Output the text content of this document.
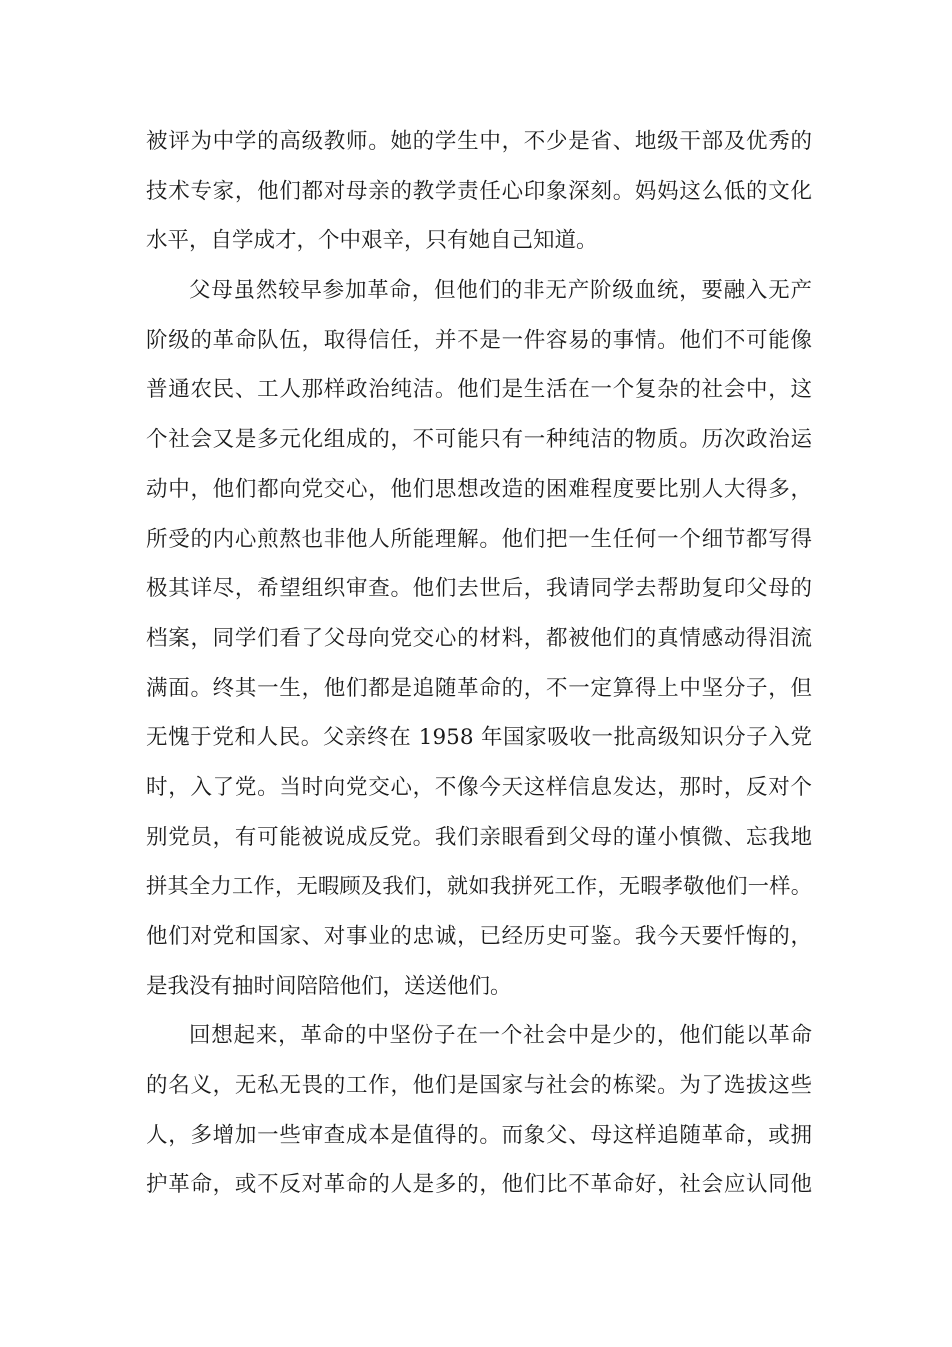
被评为中学的高级教师。她的学生中，不少是省、地级干部及优秀的
技术专家，他们都对母亲的教学责任心印象深刻。妈妈这么低的文化
水平，自学成才，个中艰辛，只有她自己知道。
父母虽然较早参加革命，但他们的非无产阶级血统，要融入无产
阶级的革命队伍，取得信任，并不是一件容易的事情。他们不可能像
普通农民、工人那样政治纯洁。他们是生活在一个复杂的社会中，这
个社会又是多元化组成的，不可能只有一种纯洁的物质。历次政治运
动中，他们都向党交心，他们思想改造的困难程度要比别人大得多，
所受的内心煎熬也非他人所能理解。他们把一生任何一个细节都写得
极其详尽，希望组织审查。他们去世后，我请同学去帮助复印父母的
档案，同学们看了父母向党交心的材料，都被他们的真情感动得泪流
满面。终其一生，他们都是追随革命的，不一定算得上中坚分子，但
无愧于党和人民。父亲终在 1958 年国家吸收一批高级知识分子入党
时，入了党。当时向党交心，不像今天这样信息发达，那时，反对个
别党员，有可能被说成反党。我们亲眼看到父母的谨小慎微、忘我地
拼其全力工作，无暇顾及我们，就如我拼死工作，无暇孝敬他们一样。
他们对党和国家、对事业的忠诚，已经历史可鉴。我今天要忏悔的，
是我没有抽时间陪陪他们，送送他们。
回想起来，革命的中坚份子在一个社会中是少的，他们能以革命
的名义，无私无畏的工作，他们是国家与社会的栋梁。为了选拔这些
人，多增加一些审查成本是值得的。而象父、母这样追随革命，或拥
护革命，或不反对革命的人是多的，他们比不革命好，社会应认同他
